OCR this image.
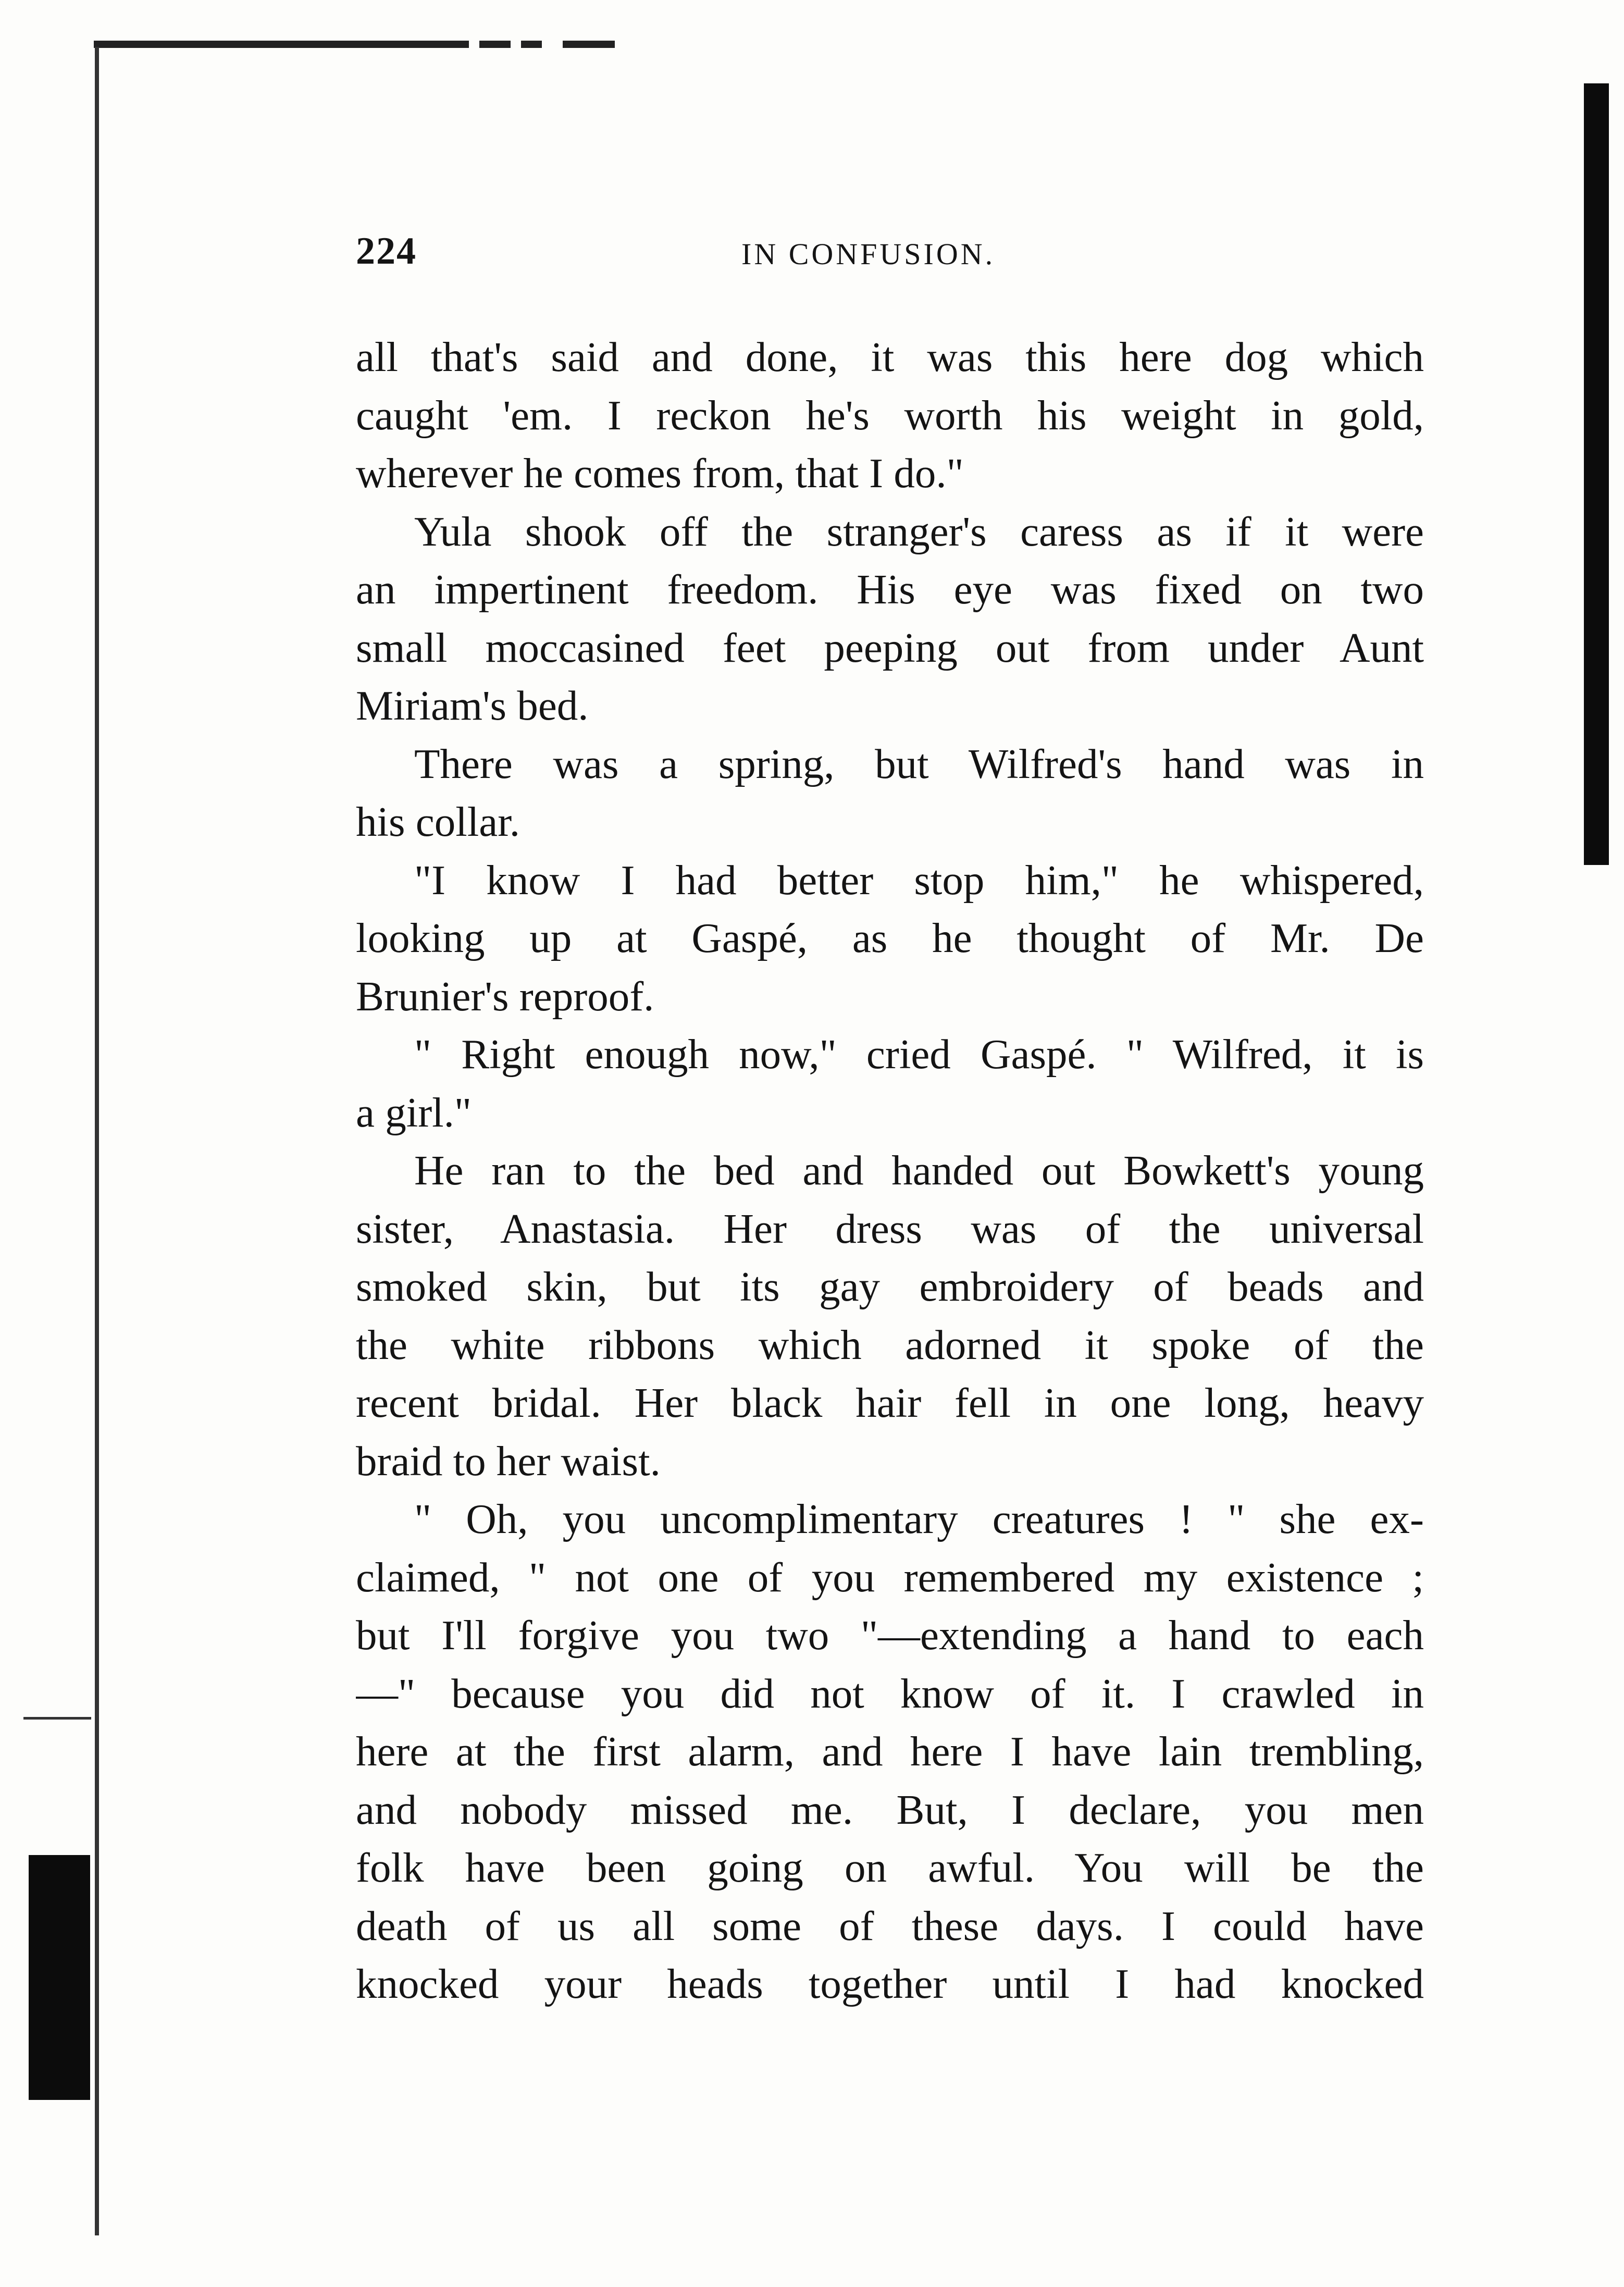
224	IN CONFUSION.
all that's said and done, it was this here dog which
caught 'em. I reckon he's worth his weight in gold,
wherever he comes from, that I do."
Yula shook off the stranger's caress as if it were
an impertinent freedom. His eye was fixed on two
small moccasined feet peeping out from under Aunt
Miriam's bed.
There was a spring, but Wilfred's hand was in
his collar.
"I know I had better stop him," he whispered,
looking up at Gaspé, as he thought of Mr. De
Brunier's reproof.
" Right enough now," cried Gaspé. " Wilfred, it is
a girl."
He ran to the bed and handed out Bowkett's young
sister, Anastasia. Her dress was of the universal
smoked skin, but its gay embroidery of beads and
the white ribbons which adorned it spoke of the
recent bridal. Her black hair fell in one long, heavy
braid to her waist.
" Oh, you uncomplimentary creatures ! " she ex-
claimed, " not one of you remembered my existence ;
but I'll forgive you two "—extending a hand to each
—" because you did not know of it. I crawled in
here at the first alarm, and here I have lain trembling,
and nobody missed me. But, I declare, you men
folk have been going on awful. You will be the
death of us all some of these days. I could have
knocked your heads together until I had knocked
